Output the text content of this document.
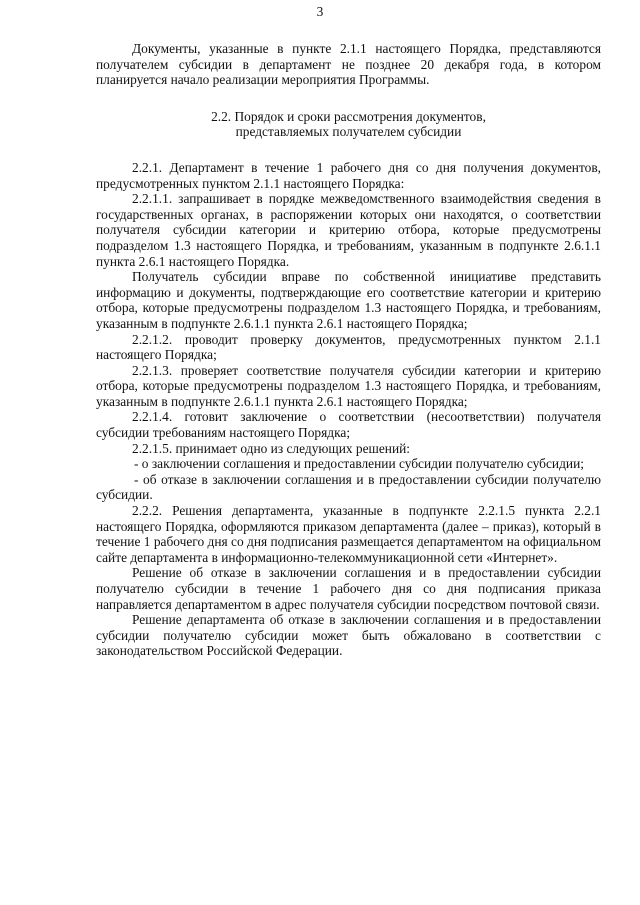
3

Документы, указанные в пункте 2.1.1 настоящего Порядка, представляются получателем субсидии в департамент не позднее 20 декабря года, в котором планируется начало реализации мероприятия Программы.

2.2. Порядок и сроки рассмотрения документов,
представляемых получателем субсидии

2.2.1. Департамент в течение 1 рабочего дня со дня получения документов, предусмотренных пунктом 2.1.1 настоящего Порядка:

2.2.1.1. запрашивает в порядке межведомственного взаимодействия сведения в государственных органах, в распоряжении которых они находятся, о соответствии получателя субсидии категории и критерию отбора, которые предусмотрены подразделом 1.3 настоящего Порядка, и требованиям, указанным в подпункте 2.6.1.1 пункта 2.6.1 настоящего Порядка.

Получатель субсидии вправе по собственной инициативе представить информацию и документы, подтверждающие его соответствие категории и критерию отбора, которые предусмотрены подразделом 1.3 настоящего Порядка, и требованиям, указанным в подпункте 2.6.1.1 пункта 2.6.1 настоящего Порядка;

2.2.1.2. проводит проверку документов, предусмотренных пунктом 2.1.1 настоящего Порядка;

2.2.1.3. проверяет соответствие получателя субсидии категории и критерию отбора, которые предусмотрены подразделом 1.3 настоящего Порядка, и требованиям, указанным в подпункте 2.6.1.1 пункта 2.6.1 настоящего Порядка;

2.2.1.4. готовит заключение о соответствии (несоответствии) получателя субсидии требованиям настоящего Порядка;

2.2.1.5. принимает одно из следующих решений:

- о заключении соглашения и предоставлении субсидии получателю субсидии;

- об отказе в заключении соглашения и в предоставлении субсидии получателю субсидии.

2.2.2. Решения департамента, указанные в подпункте 2.2.1.5 пункта 2.2.1 настоящего Порядка, оформляются приказом департамента (далее – приказ), который в течение 1 рабочего дня со дня подписания размещается департаментом на официальном сайте департамента в информационно-телекоммуникационной сети «Интернет».

Решение об отказе в заключении соглашения и в предоставлении субсидии получателю субсидии в течение 1 рабочего дня со дня подписания приказа направляется департаментом в адрес получателя субсидии посредством почтовой связи.

Решение департамента об отказе в заключении соглашения и в предоставлении субсидии получателю субсидии может быть обжаловано в соответствии с законодательством Российской Федерации.
